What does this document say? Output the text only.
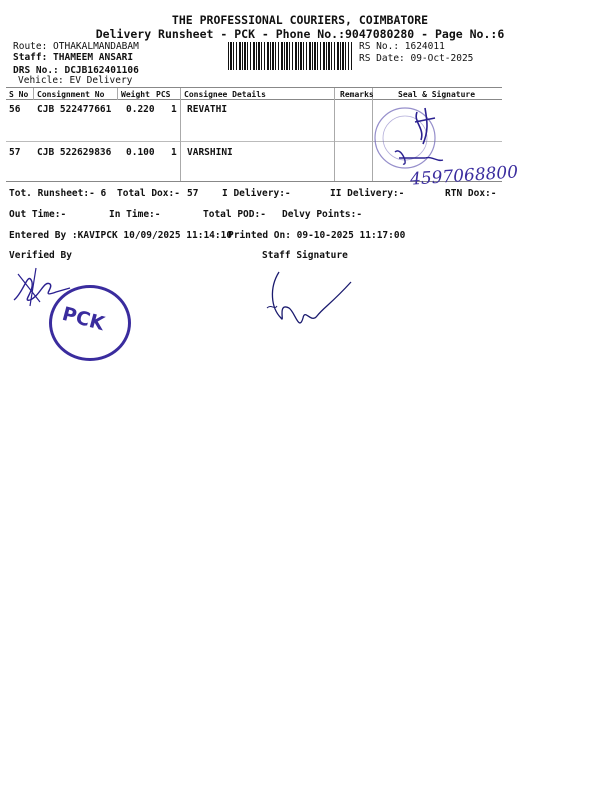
THE PROFESSIONAL COURIERS, COIMBATORE
Delivery Runsheet - PCK - Phone No.:9047080280 - Page No.:6
Route: OTHAKALMANDABAM
Staff: THAMEEM ANSARI
DRS No.: DCJB162401106
Vehicle: EV Delivery
RS No.: 1624011
RS Date: 09-Oct-2025
S No Consignment No Weight PCS Consignee Details	Remarks	Seal & Signature
56 CJB 522477661 0.220 1 REVATHI
57 CJB 522629836 0.100 1 VARSHINI
4597068800
Tot. Runsheet:- 6 Total Dox:- 57 I Delivery:-	II Delivery:-	RTN Dox:-
Out Time:-	In Time:-	Total POD:- Delvy Points:-
Entered By :KAVIPCK 10/09/2025 11:14:10
Printed On: 09-10-2025 11:17:00
Verified By	Staff Signature
PCK
